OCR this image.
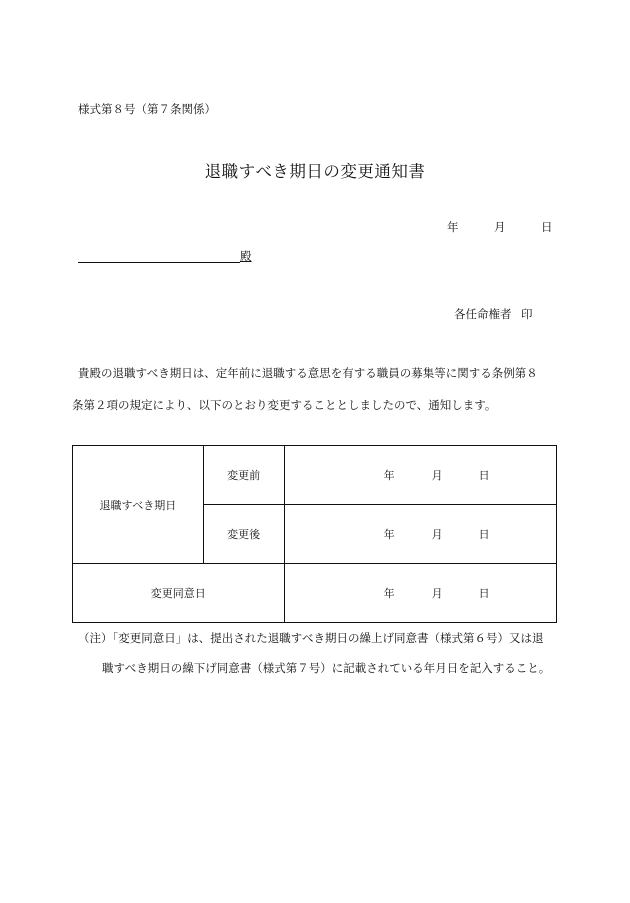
様式第８号（第７条関係）
退職すべき期日の変更通知書
年	月	日
殿
各任命権者 印
貴殿の退職すべき期日は、定年前に退職する意思を有する職員の募集等に関する条例第８
条第２項の規定により、以下のとおり変更することとしましたので、通知します。
退職すべき期日	変更前	年 月 日

	変更後	年 月 日

変更同意日		年 月 日
（注）「変更同意日」は、提出された退職すべき期日の繰上げ同意書（様式第６号）又は退
職すべき期日の繰下げ同意書（様式第７号）に記載されている年月日を記入すること。
